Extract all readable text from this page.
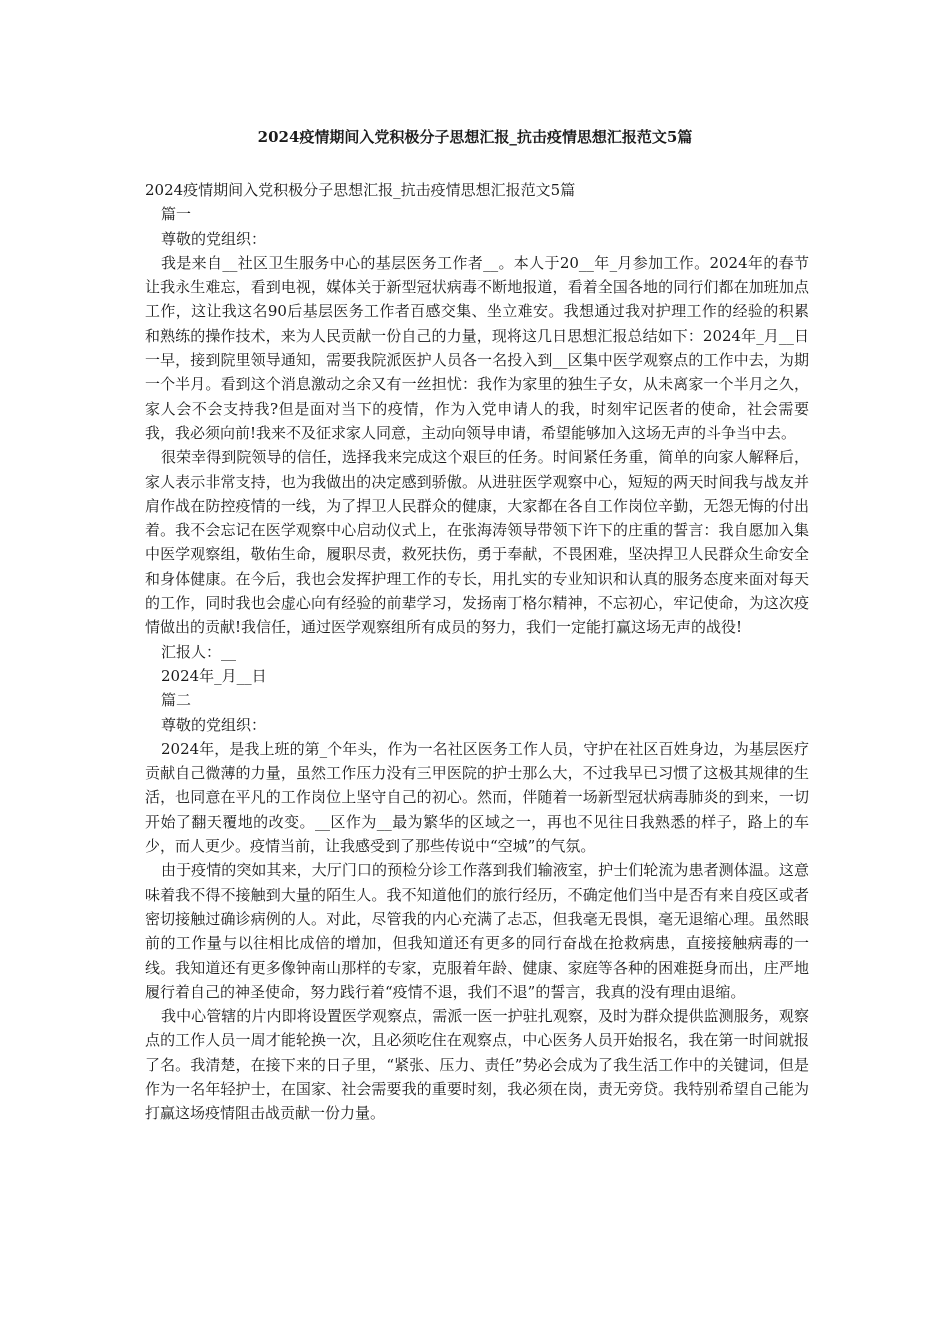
2024疫情期间入党积极分子思想汇报_抗击疫情思想汇报范文5篇

2024疫情期间入党积极分子思想汇报_抗击疫情思想汇报范文5篇

篇一

尊敬的党组织：

我是来自__社区卫生服务中心的基层医务工作者__。本人于20__年_月参加工作。2024年的春节让我永生难忘，看到电视，媒体关于新型冠状病毒不断地报道，看着全国各地的同行们都在加班加点工作，这让我这名90后基层医务工作者百感交集、坐立难安。我想通过我对护理工作的经验的积累和熟练的操作技术，来为人民贡献一份自己的力量，现将这几日思想汇报总结如下：2024年_月__日一早，接到院里领导通知，需要我院派医护人员各一名投入到__区集中医学观察点的工作中去，为期一个半月。看到这个消息激动之余又有一丝担忧：我作为家里的独生子女，从未离家一个半月之久，家人会不会支持我?但是面对当下的疫情，作为入党申请人的我，时刻牢记医者的使命，社会需要我，我必须向前!我来不及征求家人同意，主动向领导申请，希望能够加入这场无声的斗争当中去。

很荣幸得到院领导的信任，选择我来完成这个艰巨的任务。时间紧任务重，简单的向家人解释后，家人表示非常支持，也为我做出的决定感到骄傲。从进驻医学观察中心，短短的两天时间我与战友并肩作战在防控疫情的一线，为了捍卫人民群众的健康，大家都在各自工作岗位辛勤，无怨无悔的付出着。我不会忘记在医学观察中心启动仪式上，在张海涛领导带领下许下的庄重的誓言：我自愿加入集中医学观察组，敬佑生命，履职尽责，救死扶伤，勇于奉献，不畏困难，坚决捍卫人民群众生命安全和身体健康。在今后，我也会发挥护理工作的专长，用扎实的专业知识和认真的服务态度来面对每天的工作，同时我也会虚心向有经验的前辈学习，发扬南丁格尔精神，不忘初心，牢记使命，为这次疫情做出的贡献!我信任，通过医学观察组所有成员的努力，我们一定能打赢这场无声的战役!

汇报人：__

2024年_月__日

篇二

尊敬的党组织：

2024年，是我上班的第_个年头，作为一名社区医务工作人员，守护在社区百姓身边，为基层医疗贡献自己微薄的力量，虽然工作压力没有三甲医院的护士那么大，不过我早已习惯了这极其规律的生活，也同意在平凡的工作岗位上坚守自己的初心。然而，伴随着一场新型冠状病毒肺炎的到来，一切开始了翻天覆地的改变。__区作为__最为繁华的区域之一，再也不见往日我熟悉的样子，路上的车少，而人更少。疫情当前，让我感受到了那些传说中“空城”的气氛。

由于疫情的突如其来，大厅门口的预检分诊工作落到我们输液室，护士们轮流为患者测体温。这意味着我不得不接触到大量的陌生人。我不知道他们的旅行经历，不确定他们当中是否有来自疫区或者密切接触过确诊病例的人。对此，尽管我的内心充满了忐忑，但我毫无畏惧，毫无退缩心理。虽然眼前的工作量与以往相比成倍的增加，但我知道还有更多的同行奋战在抢救病患，直接接触病毒的一线。我知道还有更多像钟南山那样的专家，克服着年龄、健康、家庭等各种的困难挺身而出，庄严地履行着自己的神圣使命，努力践行着“疫情不退，我们不退”的誓言，我真的没有理由退缩。

我中心管辖的片内即将设置医学观察点，需派一医一护驻扎观察，及时为群众提供监测服务，观察点的工作人员一周才能轮换一次，且必须吃住在观察点，中心医务人员开始报名，我在第一时间就报了名。我清楚，在接下来的日子里，“紧张、压力、责任”势必会成为了我生活工作中的关键词，但是作为一名年轻护士，在国家、社会需要我的重要时刻，我必须在岗，责无旁贷。我特别希望自己能为打赢这场疫情阻击战贡献一份力量。
